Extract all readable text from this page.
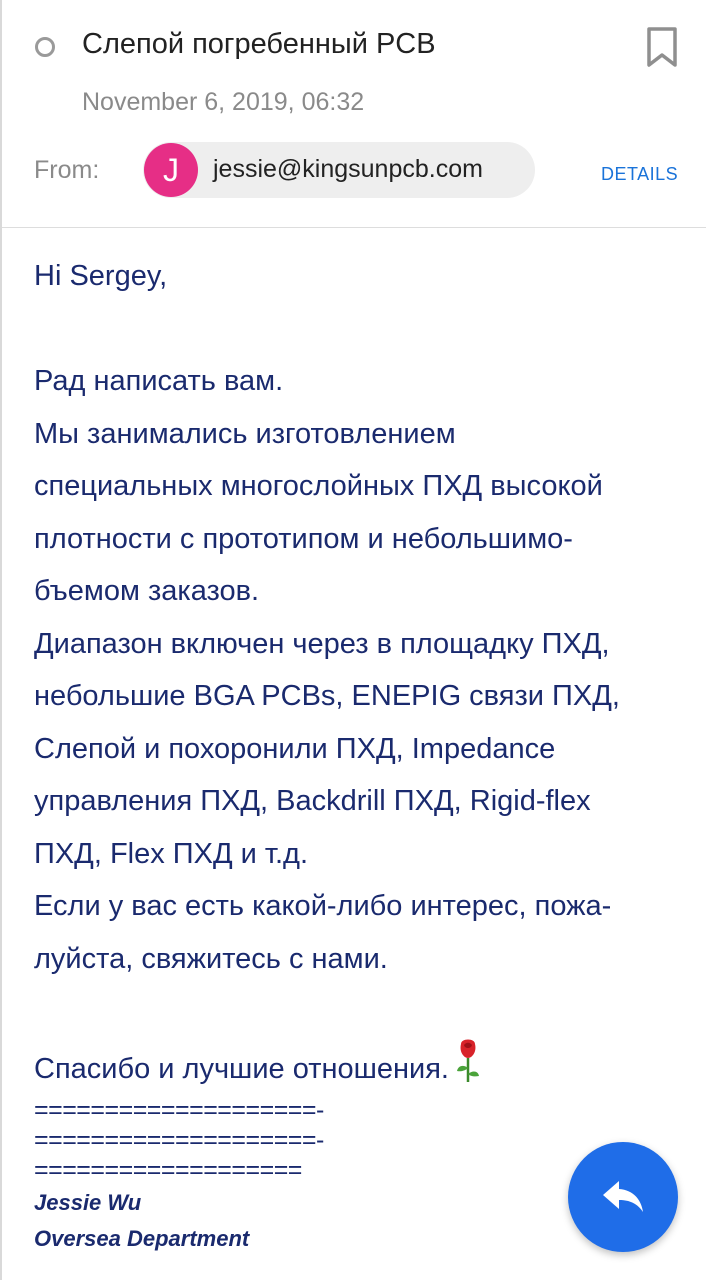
Слепой погребенный PCB
November 6, 2019, 06:32
From:	J	jessie@kingsunpcb.com	DETAILS

Hi Sergey,

Рад написать вам.

Мы занимались изготовлением

специальных многослойных ПХД высокой

плотности с прототипом и небольшимо-

бъемом заказов.

Диапазон включен через в площадку ПХД,

небольшие BGA PCBs, ENEPIG связи ПХД,

Слепой и похоронили ПХД, Impedance

управления ПХД, Backdrill ПХД, Rigid-flex

ПХД, Flex ПХД и т.д.

Если у вас есть какой-либо интерес, пожа-

луйста, свяжитесь с нами.

Спасибо и лучшие отношения.

====================-
====================-
===================
Jessie Wu
Oversea Department
